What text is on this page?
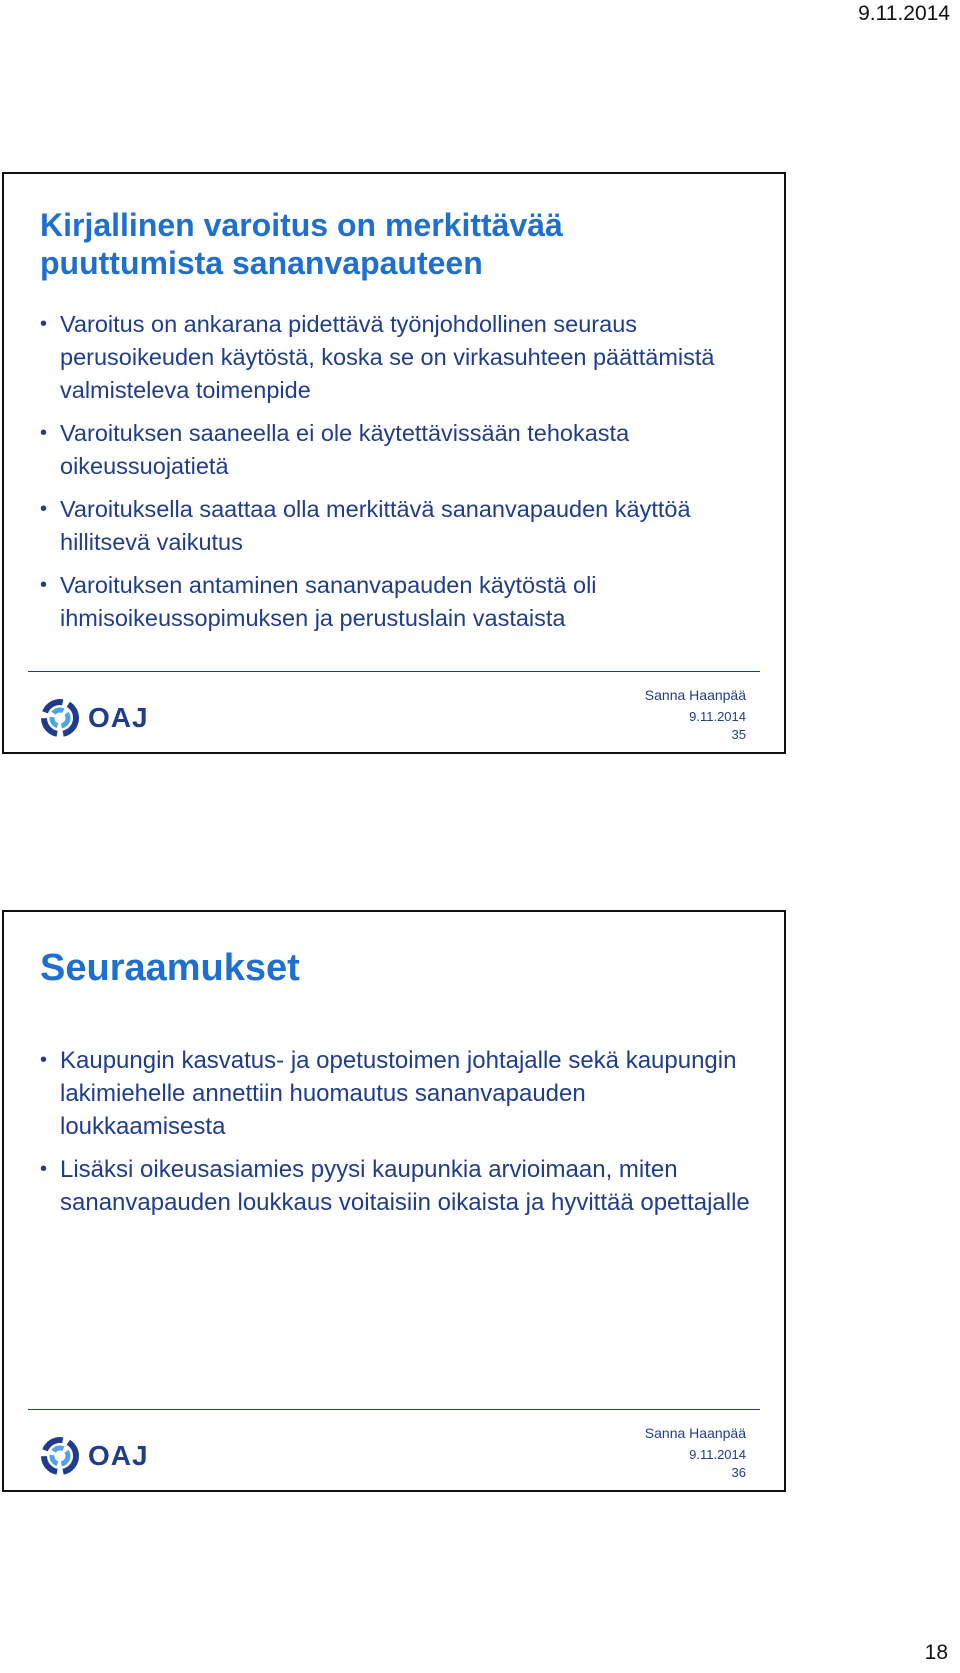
9.11.2014
Kirjallinen varoitus on merkittävää puuttumista sananvapauteen
• Varoitus on ankarana pidettävä työnjohdollinen seuraus perusoikeuden käytöstä, koska se on virkasuhteen päättämistä valmisteleva toimenpide
• Varoituksen saaneella ei ole käytettävissään tehokasta oikeussuojatietä
• Varoituksella saattaa olla merkittävä sananvapauden käyttöä hillitsevä vaikutus
• Varoituksen antaminen sananvapauden käytöstä oli ihmisoikeussopimuksen ja perustuslain vastaista
OAJ
Sanna Haanpää
9.11.2014
35
Seuraamukset
• Kaupungin kasvatus- ja opetustoimen johtajalle sekä kaupungin lakimiehelle annettiin huomautus sananvapauden loukkaamisesta
• Lisäksi oikeusasiamies pyysi kaupunkia arvioimaan, miten sananvapauden loukkaus voitaisiin oikaista ja hyvittää opettajalle
OAJ
Sanna Haanpää
9.11.2014
36
18
